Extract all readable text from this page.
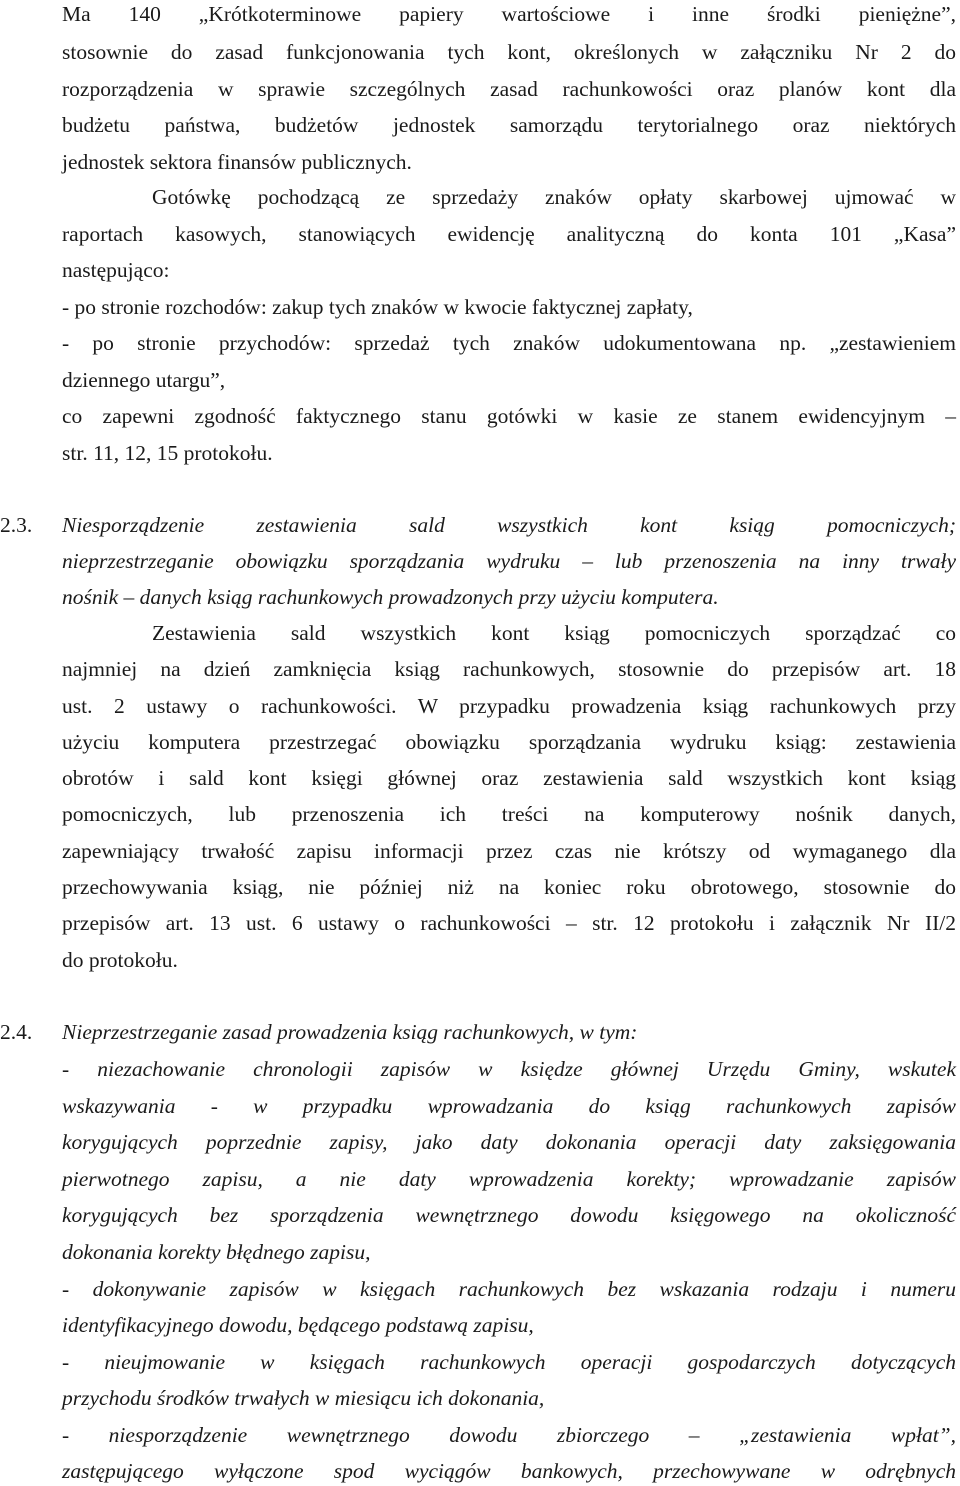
Ma 140 „Krótkoterminowe papiery wartościowe i inne środki pieniężne”,
stosownie do zasad funkcjonowania tych kont, określonych w załączniku Nr 2 do
rozporządzenia w sprawie szczególnych zasad rachunkowości oraz planów kont dla
budżetu państwa, budżetów jednostek samorządu terytorialnego oraz niektórych
jednostek sektora finansów publicznych.
Gotówkę pochodzącą ze sprzedaży znaków opłaty skarbowej ujmować w
raportach kasowych, stanowiących ewidencję analityczną do konta 101 „Kasa”
następująco:
- po stronie rozchodów: zakup tych znaków w kwocie faktycznej zapłaty,
- po stronie przychodów: sprzedaż tych znaków udokumentowana np. „zestawieniem
dziennego utargu”,
co zapewni zgodność faktycznego stanu gotówki w kasie ze stanem ewidencyjnym –
str. 11, 12, 15 protokołu.
2.3.	Niesporządzenie zestawienia sald wszystkich kont ksiąg pomocniczych;
nieprzestrzeganie obowiązku sporządzania wydruku – lub przenoszenia na inny trwały
nośnik – danych ksiąg rachunkowych prowadzonych przy użyciu komputera.
Zestawienia sald wszystkich kont ksiąg pomocniczych sporządzać co
najmniej na dzień zamknięcia ksiąg rachunkowych, stosownie do przepisów art. 18
ust. 2 ustawy o rachunkowości. W przypadku prowadzenia ksiąg rachunkowych przy
użyciu komputera przestrzegać obowiązku sporządzania wydruku ksiąg: zestawienia
obrotów i sald kont księgi głównej oraz zestawienia sald wszystkich kont ksiąg
pomocniczych, lub przenoszenia ich treści na komputerowy nośnik danych,
zapewniający trwałość zapisu informacji przez czas nie krótszy od wymaganego dla
przechowywania ksiąg, nie później niż na koniec roku obrotowego, stosownie do
przepisów art. 13 ust. 6 ustawy o rachunkowości – str. 12 protokołu i załącznik Nr II/2
do protokołu.
2.4.	Nieprzestrzeganie zasad prowadzenia ksiąg rachunkowych, w tym:
- niezachowanie chronologii zapisów w księdze głównej Urzędu Gminy, wskutek
wskazywania - w przypadku wprowadzania do ksiąg rachunkowych zapisów
korygujących poprzednie zapisy, jako daty dokonania operacji daty zaksięgowania
pierwotnego zapisu, a nie daty wprowadzenia korekty; wprowadzanie zapisów
korygujących bez sporządzenia wewnętrznego dowodu księgowego na okoliczność
dokonania korekty błędnego zapisu,
- dokonywanie zapisów w księgach rachunkowych bez wskazania rodzaju i numeru
identyfikacyjnego dowodu, będącego podstawą zapisu,
- nieujmowanie w księgach rachunkowych operacji gospodarczych dotyczących
przychodu środków trwałych w miesiącu ich dokonania,
- niesporządzenie wewnętrznego dowodu zbiorczego – „zestawienia wpłat”,
zastępującego wyłączone spod wyciągów bankowych, przechowywane w odrębnych
